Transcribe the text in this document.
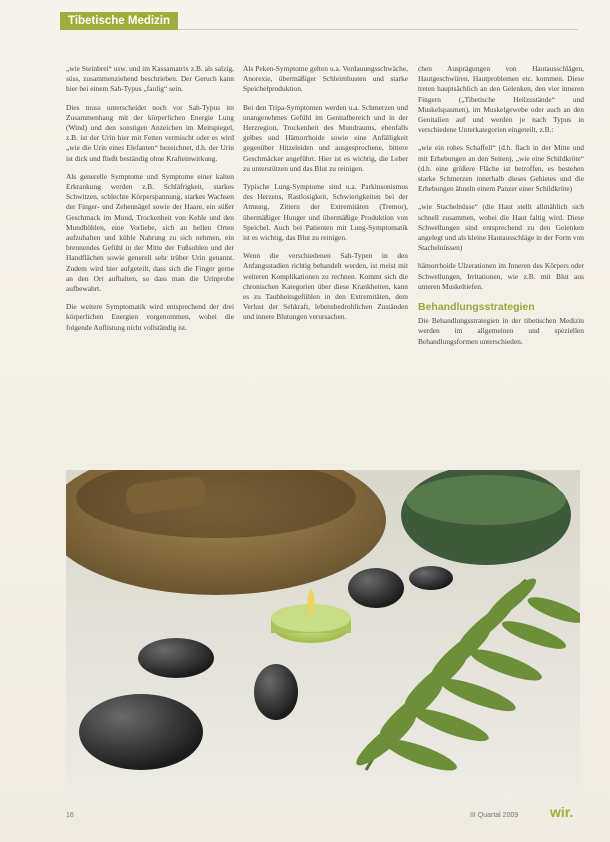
Tibetische Medizin

„wie Steinbrei“ usw. und im Kassamatrix z.B. als salzig, süss, zusammenziehend beschrieben. Der Geruch kann hier bei einem Sah-Typus „faulig“ sein.

Dies muss unterscheidet noch vor Sah-Typus im Zusammenhang mit der körperlichen Energie Lung (Wind) und den sonstigen Anzeichen im Meitspiegel, z.B. ist der Urin hier mit Fetten vermischt oder es wird „wie die Urin eines Elefanten“ bezeichnet, d.h. der Urin ist dick und fließt beständig ohne Krafteinwirkung.

Als generelle Symptome und Symptome einer kalten Erkrankung werden z.B. Schläfrigkeit, starkes Schwitzen, schlechte Körperspannung, starkes Wachsen der Finger- und Zehennägel sowie der Haare, ein süßer Geschmack im Mund, Trockenheit von Kehle und den Mundhöhlen, eine Vorliebe, sich an hellen Orten aufzuhalten und kühle Nahrung zu sich nehmen, ein brennendes Gefühl in der Mitte der Fußsohlen und der Handflächen sowie generell sehr trüber Urin genannt. Zudem wird hier aufgeteilt, dass sich die Finger gerne an den Ort aufhalten, so dass man die Urinprobe aufbewahrt.

Die weitere Symptomatik wird entsprechend der drei körperlichen Energien vorgenommen, wobei die folgende Auflistung nicht vollständig ist.

Als Peken-Symptome gelten u.a. Verdauungsschwäche, Anorexie, übermäßiger Schleimhusten und starke Speichelproduktion.

Bei den Tripa-Symptomen werden u.a. Schmerzen und unangenehmes Gefühl im Genitalbereich und in der Herzregion, Trockenheit des Mundraums, ebenfalls gelbes und Hämorrhoide sowie eine Anfälligkeit gegenüber Hitzeleiden und ausgesprochene, bittere Geschmäcker angeführt. Hier ist es wichtig, die Leber zu unterstützen und das Blut zu reinigen.

Typische Lung-Symptome sind u.a. Parkinsonismus des Herzens, Rastlosigkeit, Schwierigkeiten bei der Atmung, Zittern der Extremitäten (Tremor), übermäßiger Hunger und übermäßige Produktion von Speichel. Auch bei Patienten mit Lung-Symptomatik ist es wichtig, das Blut zu reinigen.

Wenn die verschiedenen Sah-Typen in den Anfangsstadien richtig behandelt werden, ist meist mit weiteren Komplikationen zu rechnen. Kommt sich die chronischen Kategorien über diese Krankheiten, kann es zu Taubheitsgefühlen in den Extremitäten, dem Verlust der Sehkraft, lebensbedrohlichen Zuständen und innere Blutungen verursachen.

chen Ausprägungen von Hautausschlägen, Hautgeschwüren, Hautproblemen etc. kommen. Diese treten hauptsächlich an den Gelenken, den vier inneren Fingern („Tibetische Heilzustände“ und Muskelspasmen), im Muskelgewebe oder auch an den Genitalien auf und werden je nach Typus in verschiedene Unterkategorien eingeteilt, z.B.:

„wie ein rohes Schaffell“ (d.h. flach in der Mitte und mit Erhebungen an den Seiten), „wie eine Schildkröte“ (d.h. eine größere Fläche ist betroffen, es bestehen starke Schmerzen innerhalb dieses Gebietes und die Erhebungen ähneln einem Panzer einer Schildkröte)

„wie Stachelnüsse“ (die Haut stellt allmählich sich schnell zusammen, wobei die Haut faltig wird. Diese Schwellungen sind entsprechend zu den Gelenken angelegt und als kleine Hautausschläge in der Form von Stachelnüssen)

hämorrhoide Ulzerationen im Inneren des Körpers oder Schwellungen, Irritationen, wie z.B. mit Blut aus unteren Muskeltiefen.

Behandlungsstrategien

Die Behandlungsstrategien in der tibetischen Medizin werden im allgemeinen und speziellen Behandlungsformen unterschieden.

16	III Quartal 2009 wir.
